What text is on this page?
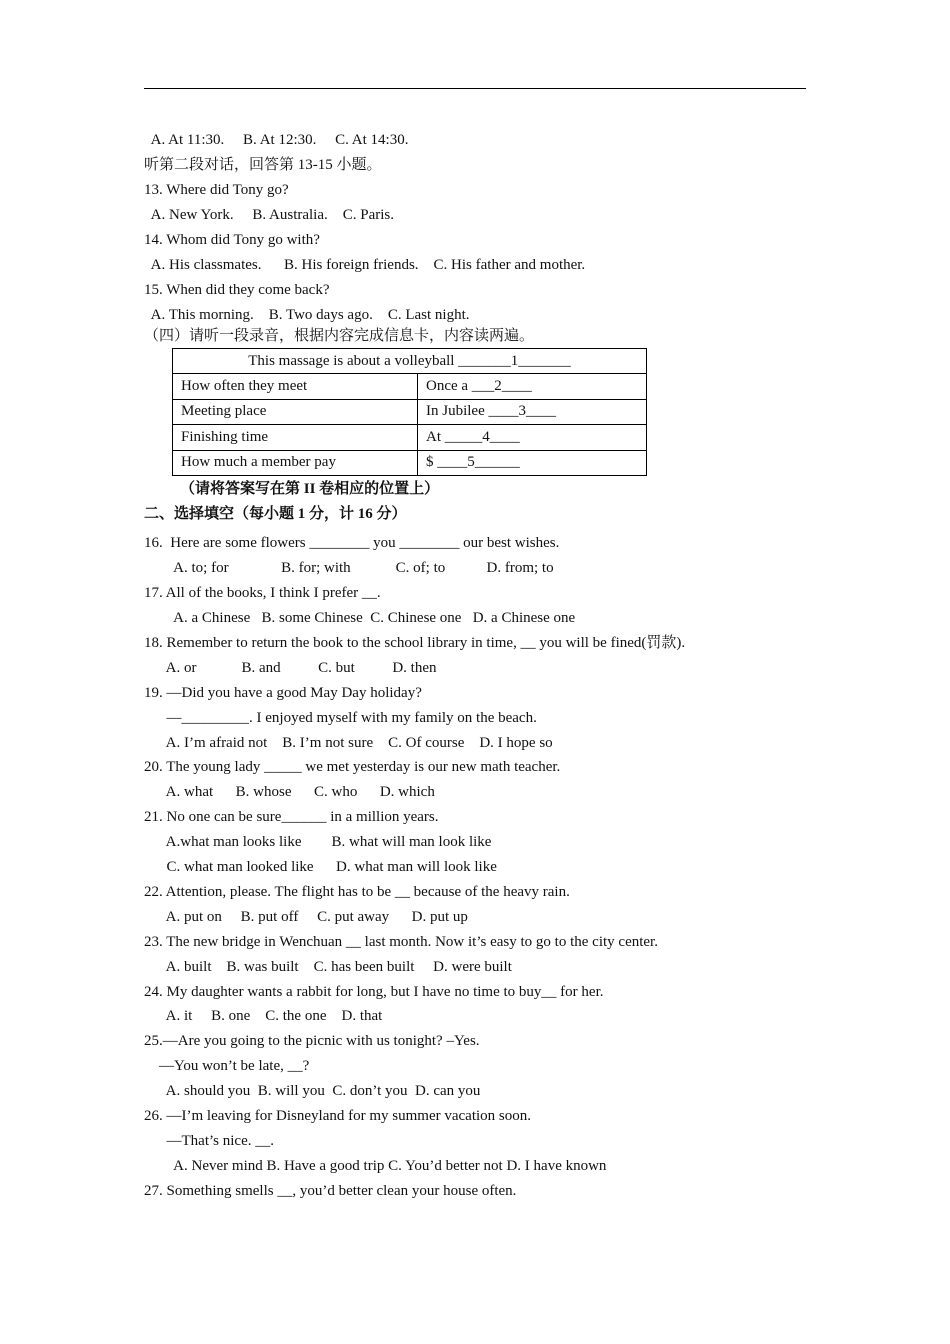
A. At 11:30.     B. At 12:30.     C. At 14:30.
听第二段对话，回答第 13-15 小题。
13. Where did Tony go?
A. New York.     B. Australia.    C. Paris.
14. Whom did Tony go with?
A. His classmates.      B. His foreign friends.    C. His father and mother.
15. When did they come back?
A. This morning.    B. Two days ago.    C. Last night.
（四）请听一段录音，根据内容完成信息卡，内容读两遍。
This massage is about a volleyball _______1_______	
How often they meet	Once a ___2____
Meeting place	In Jubilee ____3____
Finishing time	At _____4____
How much a member pay	$ ____5______
（请将答案写在第 II 卷相应的位置上）
二、选择填空（每小题 1 分，计 16 分）
16.  Here are some flowers ________ you ________ our best wishes.
A. to; for              B. for; with            C. of; to           D. from; to
17. All of the books, I think I prefer __.
A. a Chinese   B. some Chinese  C. Chinese one   D. a Chinese one
18. Remember to return the book to the school library in time, __ you will be fined(罚款).
A. or            B. and          C. but          D. then
19. —Did you have a good May Day holiday?
—_________. I enjoyed myself with my family on the beach.
A. I’m afraid not    B. I’m not sure    C. Of course    D. I hope so
20. The young lady _____ we met yesterday is our new math teacher.
A. what      B. whose      C. who      D. which
21. No one can be sure______ in a million years.
A.what man looks like        B. what will man look like
C. what man looked like      D. what man will look like
22. Attention, please. The flight has to be __ because of the heavy rain.
A. put on     B. put off     C. put away      D. put up
23. The new bridge in Wenchuan __ last month. Now it’s easy to go to the city center.
A. built    B. was built    C. has been built     D. were built
24. My daughter wants a rabbit for long, but I have no time to buy__ for her.
A. it     B. one    C. the one    D. that
25.—Are you going to the picnic with us tonight? –Yes.
—You won’t be late, __?
A. should you  B. will you  C. don’t you  D. can you
26. —I’m leaving for Disneyland for my summer vacation soon.
—That’s nice. __.
A. Never mind B. Have a good trip C. You’d better not D. I have known
27. Something smells __, you’d better clean your house often.
